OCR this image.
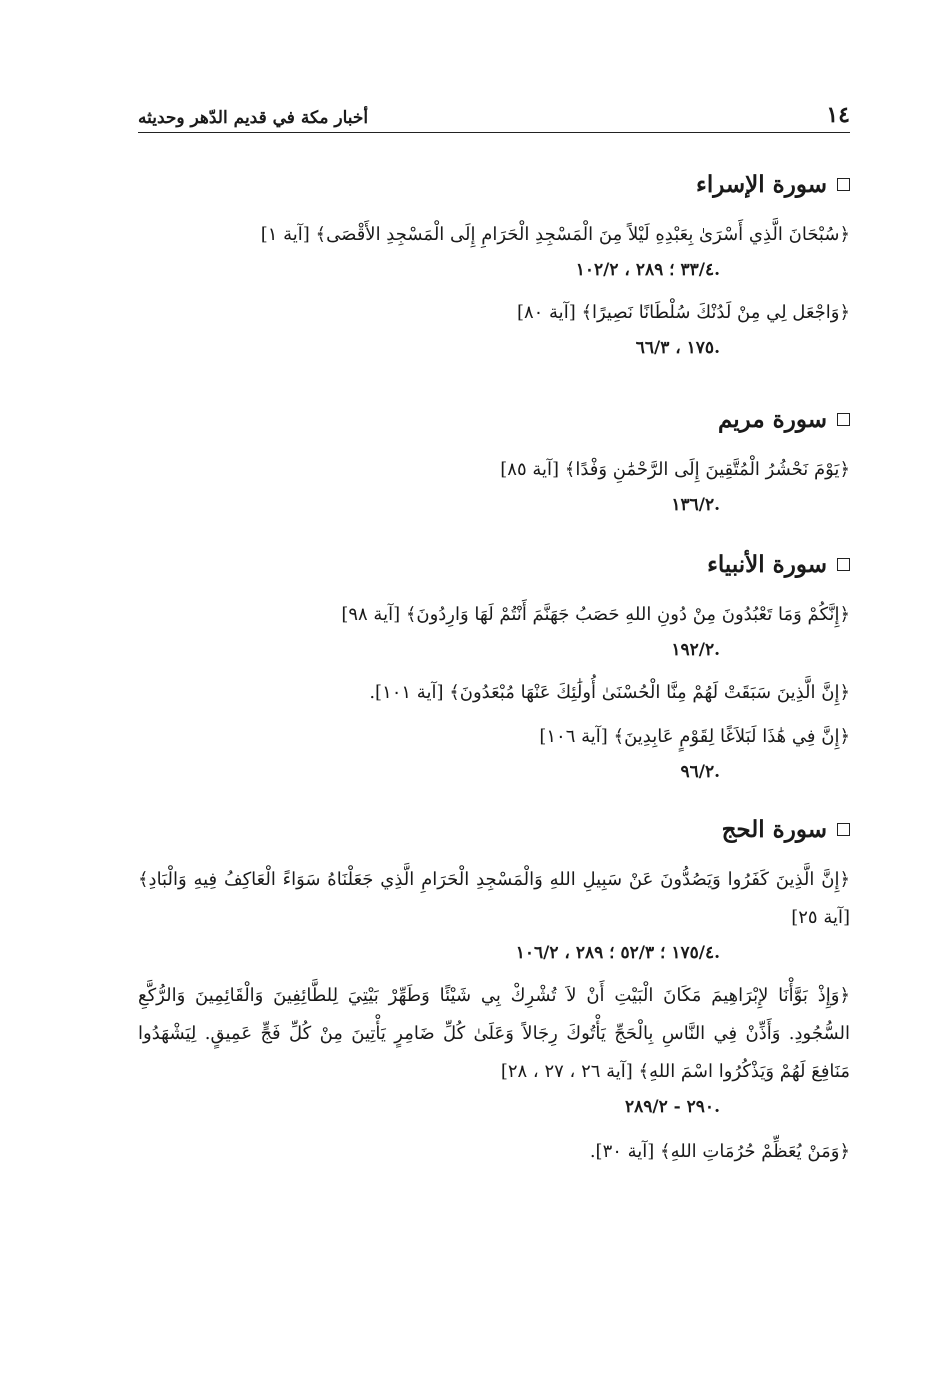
١٤
أخبار مكة في قديم الدّهر وحديثه
سورة الإسراء

﴿سُبْحَانَ الَّذِي أَسْرَىٰ بِعَبْدِهِ لَيْلاً مِنَ الْمَسْجِدِ الْحَرَامِ إِلَى الْمَسْجِدِ الأَقْصَى﴾ [آية ١]

.٣٣/٤ ؛ ٢٨٩ ، ١٠٢/٢

﴿وَاجْعَل لِي مِنْ لَدُنْكَ سُلْطَانًا نَصِيرًا﴾ [آية ٨٠]

.١٧٥ ، ٦٦/٣

سورة مريم

﴿يَوْمَ نَحْشُرُ الْمُتَّقِينَ إِلَى الرَّحْمَٰنِ وَفْدًا﴾ [آية ٨٥]

.١٣٦/٢

سورة الأنبياء

﴿إِنَّكُمْ وَمَا تَعْبُدُونَ مِنْ دُونِ اللهِ حَصَبُ جَهَنَّمَ أَنْتُمْ لَهَا وَارِدُونَ﴾ [آية ٩٨]

.١٩٢/٢

﴿إِنَّ الَّذِينَ سَبَقَتْ لَهُمْ مِنَّا الْحُسْنَىٰ أُولَٰئِكَ عَنْهَا مُبْعَدُونَ﴾ [آية ١٠١].

﴿إِنَّ فِي هَٰذَا لَبَلاَغًا لِقَوْمٍ عَابِدِينَ﴾ [آية ١٠٦]

.٩٦/٢

سورة الحج

﴿إِنَّ الَّذِينَ كَفَرُوا وَيَصُدُّونَ عَنْ سَبِيلِ اللهِ وَالْمَسْجِدِ الْحَرَامِ الَّذِي جَعَلْنَاهُ سَوَاءً الْعَاكِفُ فِيهِ وَالْبَادِ﴾ [آية ٢٥]

.١٧٥/٤ ؛ ٥٢/٣ ؛ ٢٨٩ ، ١٠٦/٢

﴿وَإِذْ بَوَّأْنَا لإِبْرَاهِيمَ مَكَانَ الْبَيْتِ أَنْ لاَ تُشْرِكْ بِي شَيْئًا وَطَهِّرْ بَيْتِيَ لِلطَّائِفِينَ وَالْقَائِمِينَ وَالرُّكَّعِ السُّجُودِ. وَأَذِّنْ فِي النَّاسِ بِالْحَجِّ يَأْتُوكَ رِجَالاً وَعَلَىٰ كُلِّ ضَامِرٍ يَأْتِينَ مِنْ كُلِّ فَجٍّ عَمِيقٍ. لِيَشْهَدُوا مَنَافِعَ لَهُمْ وَيَذْكُرُوا اسْمَ اللهِ﴾ [آية ٢٦ ، ٢٧ ، ٢٨]

.٢٩٠ - ٢٨٩/٢

﴿وَمَنْ يُعَظِّمْ حُرُمَاتِ اللهِ﴾ [آية ٣٠].
